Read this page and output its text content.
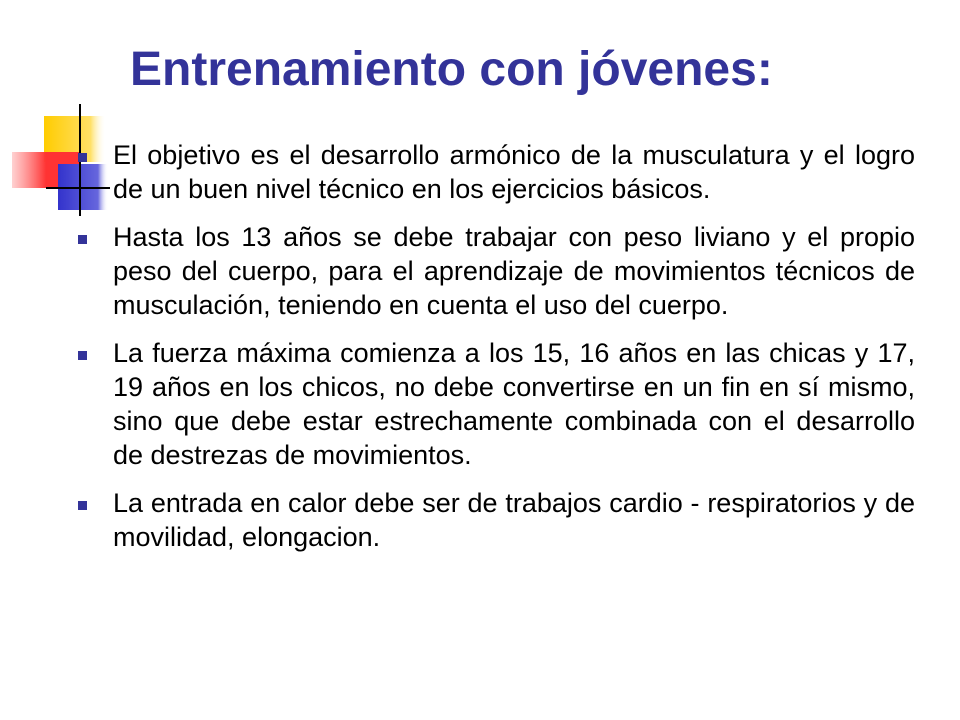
Entrenamiento con jóvenes:
El objetivo es el desarrollo armónico de la musculatura y el logro de un buen nivel técnico en los ejercicios básicos.
Hasta los 13 años se debe trabajar con peso liviano y el propio peso del cuerpo, para el aprendizaje de movimientos técnicos de musculación, teniendo en cuenta el uso del cuerpo.
La fuerza máxima comienza a los 15, 16 años en las chicas y 17, 19 años en los chicos, no debe convertirse en un fin en sí mismo, sino que debe estar estrechamente combinada con el desarrollo de destrezas de movimientos.
La entrada en calor debe ser de trabajos cardio - respiratorios y de movilidad, elongacion.
